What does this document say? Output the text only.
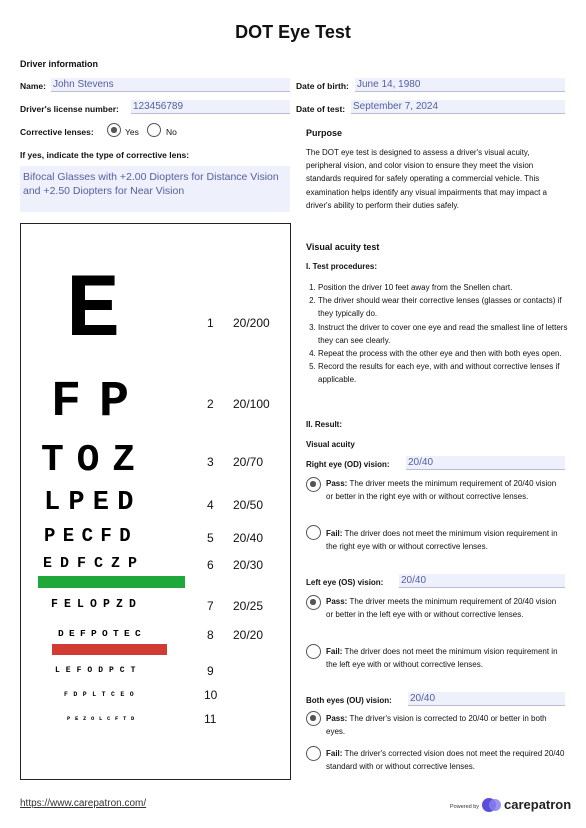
DOT Eye Test
Driver information
Name: John Stevens	Date of birth: June 14, 1980
Driver's license number: 123456789	Date of test: September 7, 2024
Corrective lenses:	Yes	No
If yes, indicate the type of corrective lens:
Bifocal Glasses with +2.00 Diopters for Distance Vision and +2.50 Diopters for Near Vision
E	1 20/200
F P	2 20/100
T O Z	3 20/70
L P E D	4 20/50
P E C F D	5 20/40
E D F C Z P	6 20/30
F E L O P Z D	7 20/25
D E F P O T E C	8 20/20
L E F O D P C T	9
F D P L T C E O	10
P E Z O L C F T D	11
Purpose
The DOT eye test is designed to assess a driver's visual acuity, peripheral vision, and color vision to ensure they meet the vision standards required for safely operating a commercial vehicle. This examination helps identify any visual impairments that may impact a driver's ability to perform their duties safely.
Visual acuity test
I. Test procedures:
1. Position the driver 10 feet away from the Snellen chart.
2. The driver should wear their corrective lenses (glasses or contacts) if they typically do.
3. Instruct the driver to cover one eye and read the smallest line of letters they can see clearly.
4. Repeat the process with the other eye and then with both eyes open.
5. Record the results for each eye, with and without corrective lenses if applicable.
II. Result:
Visual acuity
Right eye (OD) vision: 20/40
Pass: The driver meets the minimum requirement of 20/40 vision or better in the right eye with or without corrective lenses.
Fail: The driver does not meet the minimum vision requirement in the right eye with or without corrective lenses.
Left eye (OS) vision: 20/40
Pass: The driver meets the minimum requirement of 20/40 vision or better in the left eye with or without corrective lenses.
Fail: The driver does not meet the minimum vision requirement in the left eye with or without corrective lenses.
Both eyes (OU) vision: 20/40
Pass: The driver's vision is corrected to 20/40 or better in both eyes.
Fail: The driver's corrected vision does not meet the required 20/40 standard with or without corrective lenses.
https://www.carepatron.com/	Powered by carepatron
